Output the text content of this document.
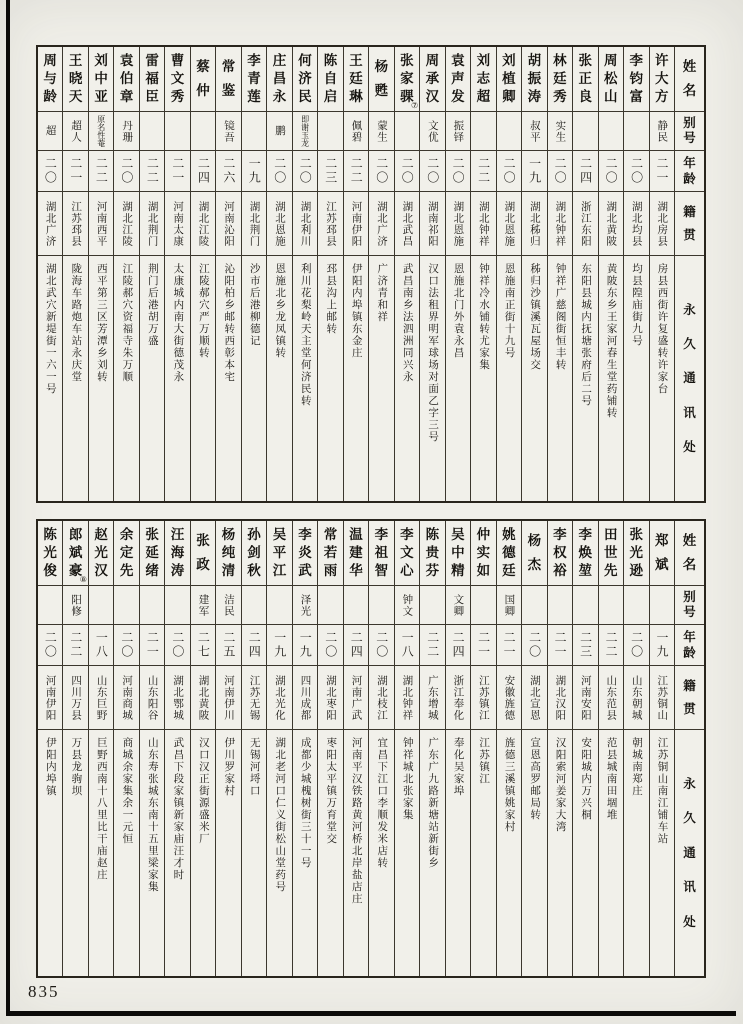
姓
名
别
号
年
龄
籍
贯
永
久
通
讯
处
许
大
方
静民
二一
湖北房县
房县西街许复盛转许家台
李
钧
富
二〇
湖北均县
均县隍庙街九号
周
松
山
二〇
湖北黄陂
黄陂东乡王家河春生堂药铺转
张
正
良
二四
浙江东阳
东阳县城内抚塘张府后二号
林
廷
秀
实生
二〇
湖北钟祥
钟祥广慈阁街恒丰转
胡
振
涛
叔平
一九
湖北秭归
秭归沙镇溪瓦屋场交
刘
植
卿
二〇
湖北恩施
恩施南正街十九号
刘
志
超
二二
湖北钟祥
钟祥冷水铺转尤家集
袁
声
发
振铎
二〇
湖北恩施
恩施北门外袁永昌
周
承
汉
文优
二〇
湖南祁阳
汉口法租界明军球场对面乙字三号
张
家
骒
⑦
二〇
湖北武昌
武昌南乡法泗洲同兴永
杨
甦
蒙生
二〇
湖北广济
广济青和祥
王
廷
琳
佩碧
二二
河南伊阳
伊阳内埠镇东金庄
陈
自
启
二三
江苏邳县
邳县沟上邮转
何
济
民
即谢玉龙
二〇
湖北利川
利川花梨岭天主堂何济民转
庄
昌
永
鹏
二〇
湖北恩施
恩施北乡龙凤镇转
李
青
莲
一九
湖北荆门
沙市后港柳德记
常
鉴
镜吾
二六
河南沁阳
沁阳柏乡邮转西彰本宅
蔡
仲
二四
湖北江陵
江陵郝穴严万顺转
曹
文
秀
二一
河南太康
太康城内南大街德茂永
雷
福
臣
二二
湖北荆门
荆门后港胡万盛
袁
伯
章
丹珊
二〇
湖北江陵
江陵郝穴资福寺朱万顺
刘
中
亚
原名性菴
二二
河南西平
西平第三区芳潭乡刘转
王
晓
天
超人
二一
江苏邳县
陇海车路炮车站永庆堂
周
与
龄
超
二〇
湖北广济
湖北武穴新堤街一六一号
姓
名
别
号
年
龄
籍
贯
永
久
通
讯
处
郑
斌
一九
江苏铜山
江苏铜山南江铺车站
张
光
逊
二〇
山东朝城
朝城南郑庄
田
世
先
二二
山东范县
范县城南田堌堆
李
焕
堃
二三
河南安阳
安阳城内万兴桐
李
权
裕
二一
湖北汉阳
汉阳索河姜家大湾
杨
杰
二〇
湖北宣恩
宣恩高罗邮局转
姚
德
廷
国卿
二一
安徽旌德
旌德三溪镇姚家村
仲
实
如
二一
江苏镇江
江苏镇江
吴
中
精
文卿
二四
浙江奉化
奉化吴家埠
陈
贵
芬
二二
广东增城
广东广九路新塘站新街乡
李
文
心
钟文
一八
湖北钟祥
钟祥城北张家集
李
祖
智
二〇
湖北枝江
宜昌下江口李顺发米店转
温
建
华
二四
河南广武
河南平汉铁路黄河桥北岸盐店庄
常
若
雨
二〇
湖北枣阳
枣阳太平镇万育堂交
李
炎
武
泽光
一九
四川成都
成都少城槐树街三十一号
吴
平
江
一九
湖北光化
湖北老河口仁义街松山堂药号
孙
剑
秋
二四
江苏无锡
无锡河埒口
杨
纯
清
洁民
二五
河南伊川
伊川罗家村
张
政
建军
二七
湖北黄陂
汉口汉正街源盛米厂
汪
海
涛
二〇
湖北鄂城
武昌下段家镇新家庙汪才时
张
延
绪
二一
山东阳谷
山东寿张城东南十五里梁家集
余
定
先
二〇
河南商城
商城余家集余一元恒
赵
光
汉
一八
山东巨野
巨野西南十八里比干庙赵庄
郎
斌
豪
⑧
阳修
二二
四川万县
万县龙驹坝
陈
光
俊
二〇
河南伊阳
伊阳内埠镇
835
